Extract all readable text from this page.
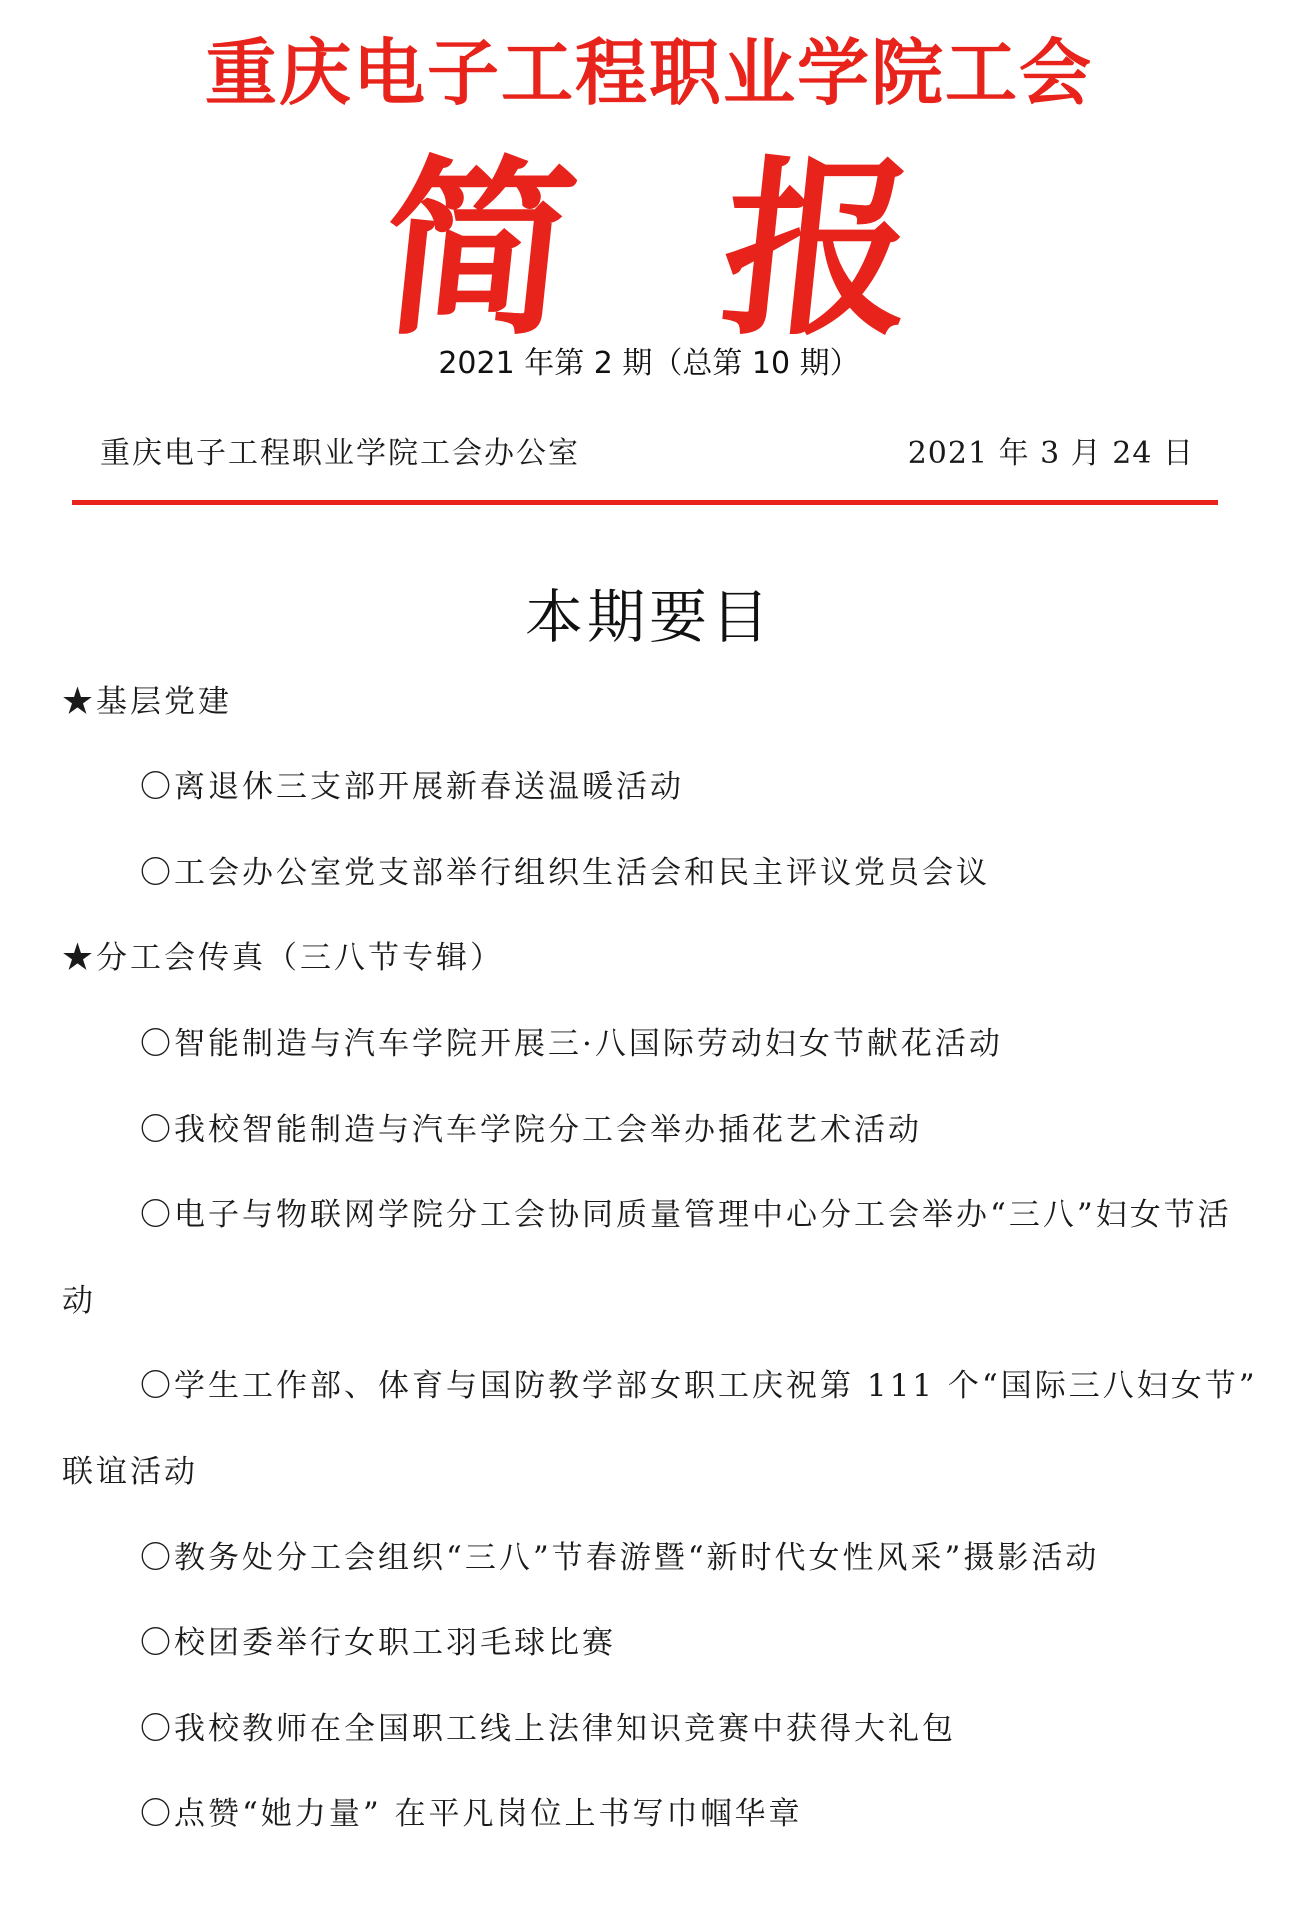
重庆电子工程职业学院工会
简 报
2021 年第 2 期（总第 10 期）
重庆电子工程职业学院工会办公室	2021 年 3 月 24 日
本期要目
★基层党建
〇离退休三支部开展新春送温暖活动
〇工会办公室党支部举行组织生活会和民主评议党员会议
★分工会传真（三八节专辑）
〇智能制造与汽车学院开展三·八国际劳动妇女节献花活动
〇我校智能制造与汽车学院分工会举办插花艺术活动
〇电子与物联网学院分工会协同质量管理中心分工会举办“三八”妇女节活
动
〇学生工作部、体育与国防教学部女职工庆祝第 111 个“国际三八妇女节”
联谊活动
〇教务处分工会组织“三八”节春游暨“新时代女性风采”摄影活动
〇校团委举行女职工羽毛球比赛
〇我校教师在全国职工线上法律知识竞赛中获得大礼包
〇点赞“她力量” 在平凡岗位上书写巾帼华章
